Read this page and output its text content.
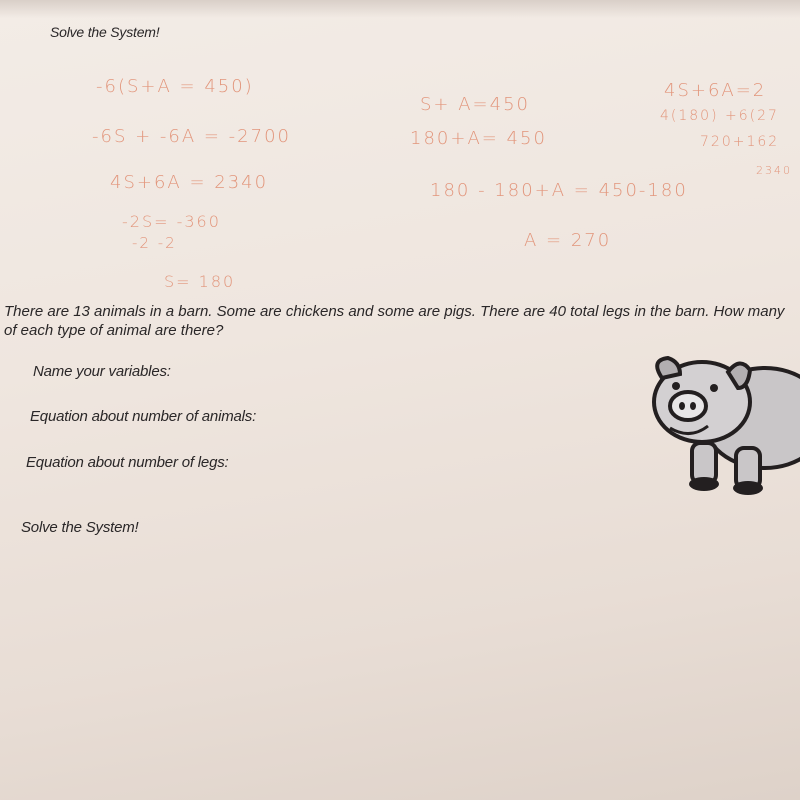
Solve the System!
-6(S+A = 450)
-6S + -6A = -2700
4S+6A = 2340
-2S= -360
-2 -2
S= 180
S+ A=450
180+A= 450
180 - 180+A = 450-180
A = 270
4S+6A=2
4(180) +6(27
720+162
2340
There are 13 animals in a barn. Some are chickens and some are pigs. There are 40 total legs in the barn. How many of each type of animal are there?
Name your variables:
Equation about number of animals:
Equation about number of legs:
Solve the System!
